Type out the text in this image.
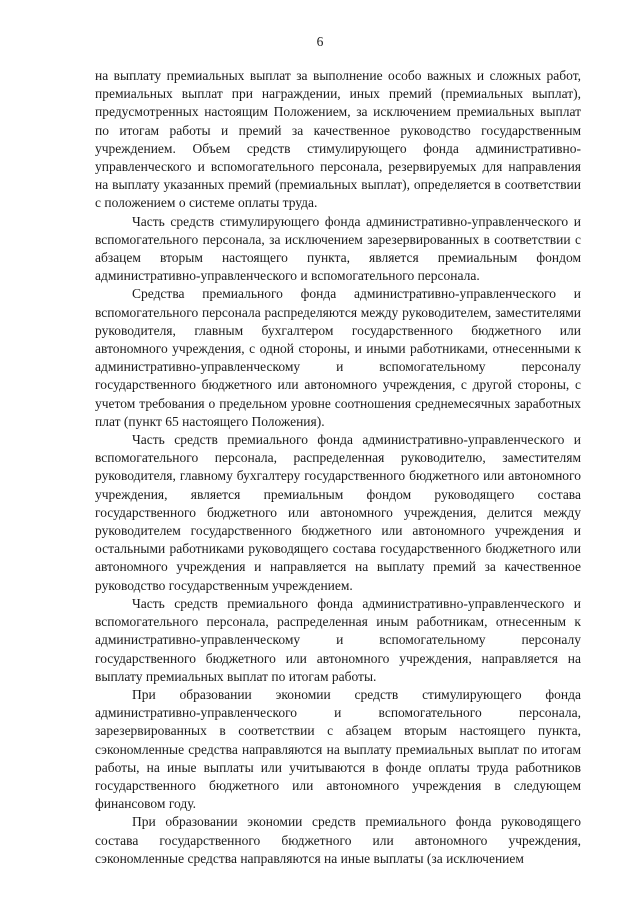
6

на выплату премиальных выплат за выполнение особо важных и сложных работ, премиальных выплат при награждении, иных премий (премиальных выплат), предусмотренных настоящим Положением, за исключением премиальных выплат по итогам работы и премий за качественное руководство государственным учреждением. Объем средств стимулирующего фонда административно-управленческого и вспомогательного персонала, резервируемых для направления на выплату указанных премий (премиальных выплат), определяется в соответствии с положением о системе оплаты труда.

Часть средств стимулирующего фонда административно-управленческого и вспомогательного персонала, за исключением зарезервированных в соответствии с абзацем вторым настоящего пункта, является премиальным фондом административно-управленческого и вспомогательного персонала.

Средства премиального фонда административно-управленческого и вспомогательного персонала распределяются между руководителем, заместителями руководителя, главным бухгалтером государственного бюджетного или автономного учреждения, с одной стороны, и иными работниками, отнесенными к административно-управленческому и вспомогательному персоналу государственного бюджетного или автономного учреждения, с другой стороны, с учетом требования о предельном уровне соотношения среднемесячных заработных плат (пункт 65 настоящего Положения).

Часть средств премиального фонда административно-управленческого и вспомогательного персонала, распределенная руководителю, заместителям руководителя, главному бухгалтеру государственного бюджетного или автономного учреждения, является премиальным фондом руководящего состава государственного бюджетного или автономного учреждения, делится между руководителем государственного бюджетного или автономного учреждения и остальными работниками руководящего состава государственного бюджетного или автономного учреждения и направляется на выплату премий за качественное руководство государственным учреждением.

Часть средств премиального фонда административно-управленческого и вспомогательного персонала, распределенная иным работникам, отнесенным к административно-управленческому и вспомогательному персоналу государственного бюджетного или автономного учреждения, направляется на выплату премиальных выплат по итогам работы.

При образовании экономии средств стимулирующего фонда административно-управленческого и вспомогательного персонала, зарезервированных в соответствии с абзацем вторым настоящего пункта, сэкономленные средства направляются на выплату премиальных выплат по итогам работы, на иные выплаты или учитываются в фонде оплаты труда работников государственного бюджетного или автономного учреждения в следующем финансовом году.

При образовании экономии средств премиального фонда руководящего состава государственного бюджетного или автономного учреждения, сэкономленные средства направляются на иные выплаты (за исключением
